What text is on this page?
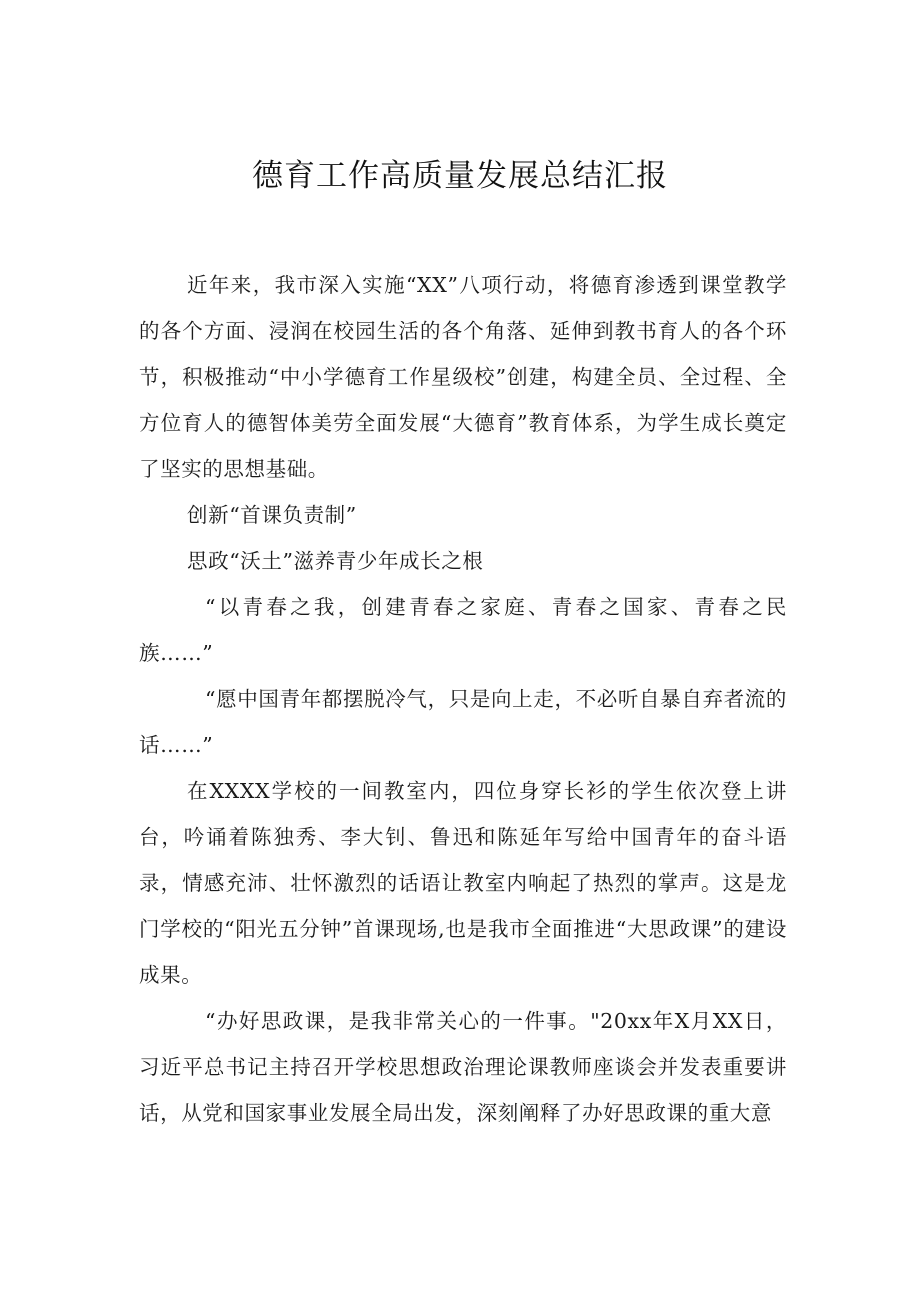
德育工作高质量发展总结汇报

近年来，我市深入实施“XX”八项行动，将德育渗透到课堂教学的各个方面、浸润在校园生活的各个角落、延伸到教书育人的各个环节，积极推动“中小学德育工作星级校”创建，构建全员、全过程、全方位育人的德智体美劳全面发展“大德育”教育体系，为学生成长奠定了坚实的思想基础。

创新“首课负责制”

思政“沃土”滋养青少年成长之根

“以青春之我，创建青春之家庭、青春之国家、青春之民族……”

“愿中国青年都摆脱冷气，只是向上走，不必听自暴自弃者流的话……”

在XXXX学校的一间教室内，四位身穿长衫的学生依次登上讲台，吟诵着陈独秀、李大钊、鲁迅和陈延年写给中国青年的奋斗语录，情感充沛、壮怀激烈的话语让教室内响起了热烈的掌声。这是龙门学校的“阳光五分钟”首课现场,也是我市全面推进“大思政课”的建设成果。

“办好思政课，是我非常关心的一件事。"20xx年X月XX日，习近平总书记主持召开学校思想政治理论课教师座谈会并发表重要讲话，从党和国家事业发展全局出发，深刻阐释了办好思政课的重大意
